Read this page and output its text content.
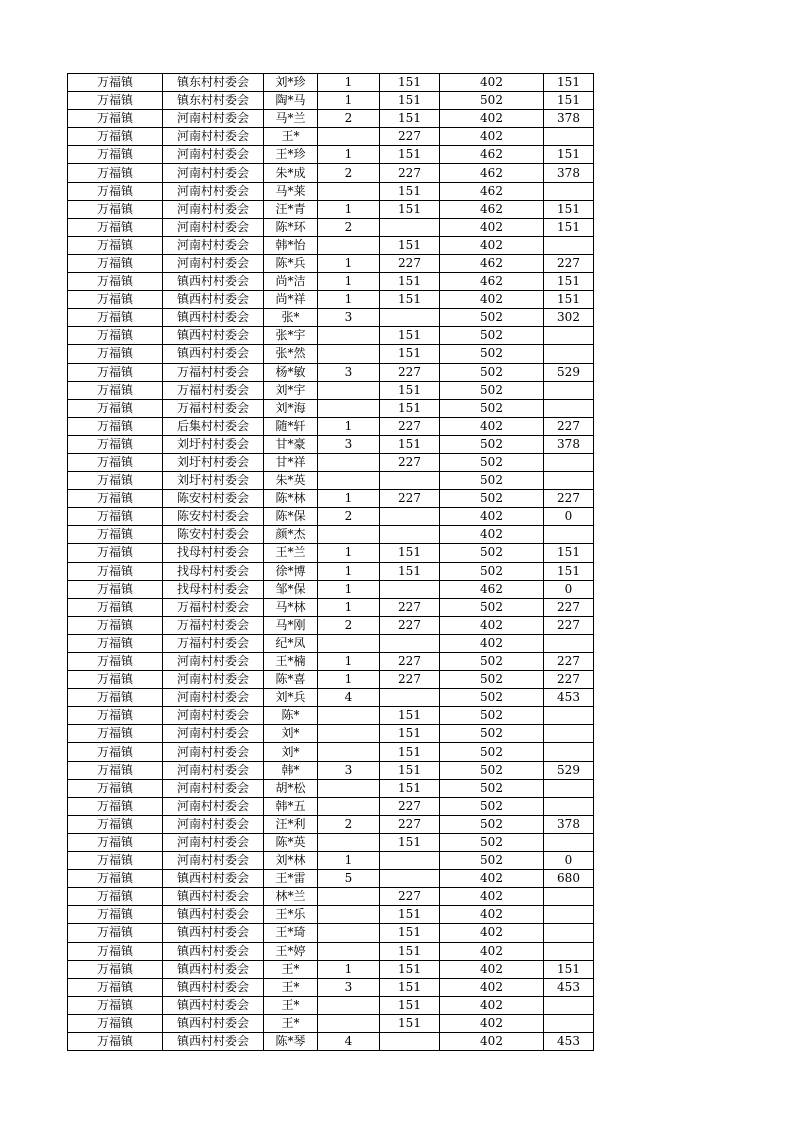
万福镇	镇东村村委会	刘*珍	1	151	402	151
万福镇	镇东村村委会	陶*马	1	151	502	151
万福镇	河南村村委会	马*兰	2	151	402	378
万福镇	河南村村委会	王*		227	402	
万福镇	河南村村委会	王*珍	1	151	462	151
万福镇	河南村村委会	朱*成	2	227	462	378
万福镇	河南村村委会	马*莱		151	462	
万福镇	河南村村委会	汪*青	1	151	462	151
万福镇	河南村村委会	陈*环	2		402	151
万福镇	河南村村委会	韩*怡		151	402	
万福镇	河南村村委会	陈*兵	1	227	462	227
万福镇	镇西村村委会	尚*洁	1	151	462	151
万福镇	镇西村村委会	尚*祥	1	151	402	151
万福镇	镇西村村委会	张*	3		502	302
万福镇	镇西村村委会	张*宇		151	502	
万福镇	镇西村村委会	张*然		151	502	
万福镇	万福村村委会	杨*敏	3	227	502	529
万福镇	万福村村委会	刘*宇		151	502	
万福镇	万福村村委会	刘*海		151	502	
万福镇	后集村村委会	随*轩	1	227	402	227
万福镇	刘圩村村委会	甘*豪	3	151	502	378
万福镇	刘圩村村委会	甘*祥		227	502	
万福镇	刘圩村村委会	朱*英			502	
万福镇	陈安村村委会	陈*林	1	227	502	227
万福镇	陈安村村委会	陈*保	2		402	0
万福镇	陈安村村委会	颜*杰			402	
万福镇	找母村村委会	王*兰	1	151	502	151
万福镇	找母村村委会	徐*博	1	151	502	151
万福镇	找母村村委会	邹*保	1		462	0
万福镇	万福村村委会	马*林	1	227	502	227
万福镇	万福村村委会	马*刚	2	227	402	227
万福镇	万福村村委会	纪*凤			402	
万福镇	河南村村委会	王*楠	1	227	502	227
万福镇	河南村村委会	陈*喜	1	227	502	227
万福镇	河南村村委会	刘*兵	4		502	453
万福镇	河南村村委会	陈*		151	502	
万福镇	河南村村委会	刘*		151	502	
万福镇	河南村村委会	刘*		151	502	
万福镇	河南村村委会	韩*	3	151	502	529
万福镇	河南村村委会	胡*松		151	502	
万福镇	河南村村委会	韩*五		227	502	
万福镇	河南村村委会	汪*利	2	227	502	378
万福镇	河南村村委会	陈*英		151	502	
万福镇	河南村村委会	刘*林	1		502	0
万福镇	镇西村村委会	王*雷	5		402	680
万福镇	镇西村村委会	林*兰		227	402	
万福镇	镇西村村委会	王*乐		151	402	
万福镇	镇西村村委会	王*琦		151	402	
万福镇	镇西村村委会	王*婷		151	402	
万福镇	镇西村村委会	王*	1	151	402	151
万福镇	镇西村村委会	王*	3	151	402	453
万福镇	镇西村村委会	王*		151	402	
万福镇	镇西村村委会	王*		151	402	
万福镇	镇西村村委会	陈*琴	4		402	453
